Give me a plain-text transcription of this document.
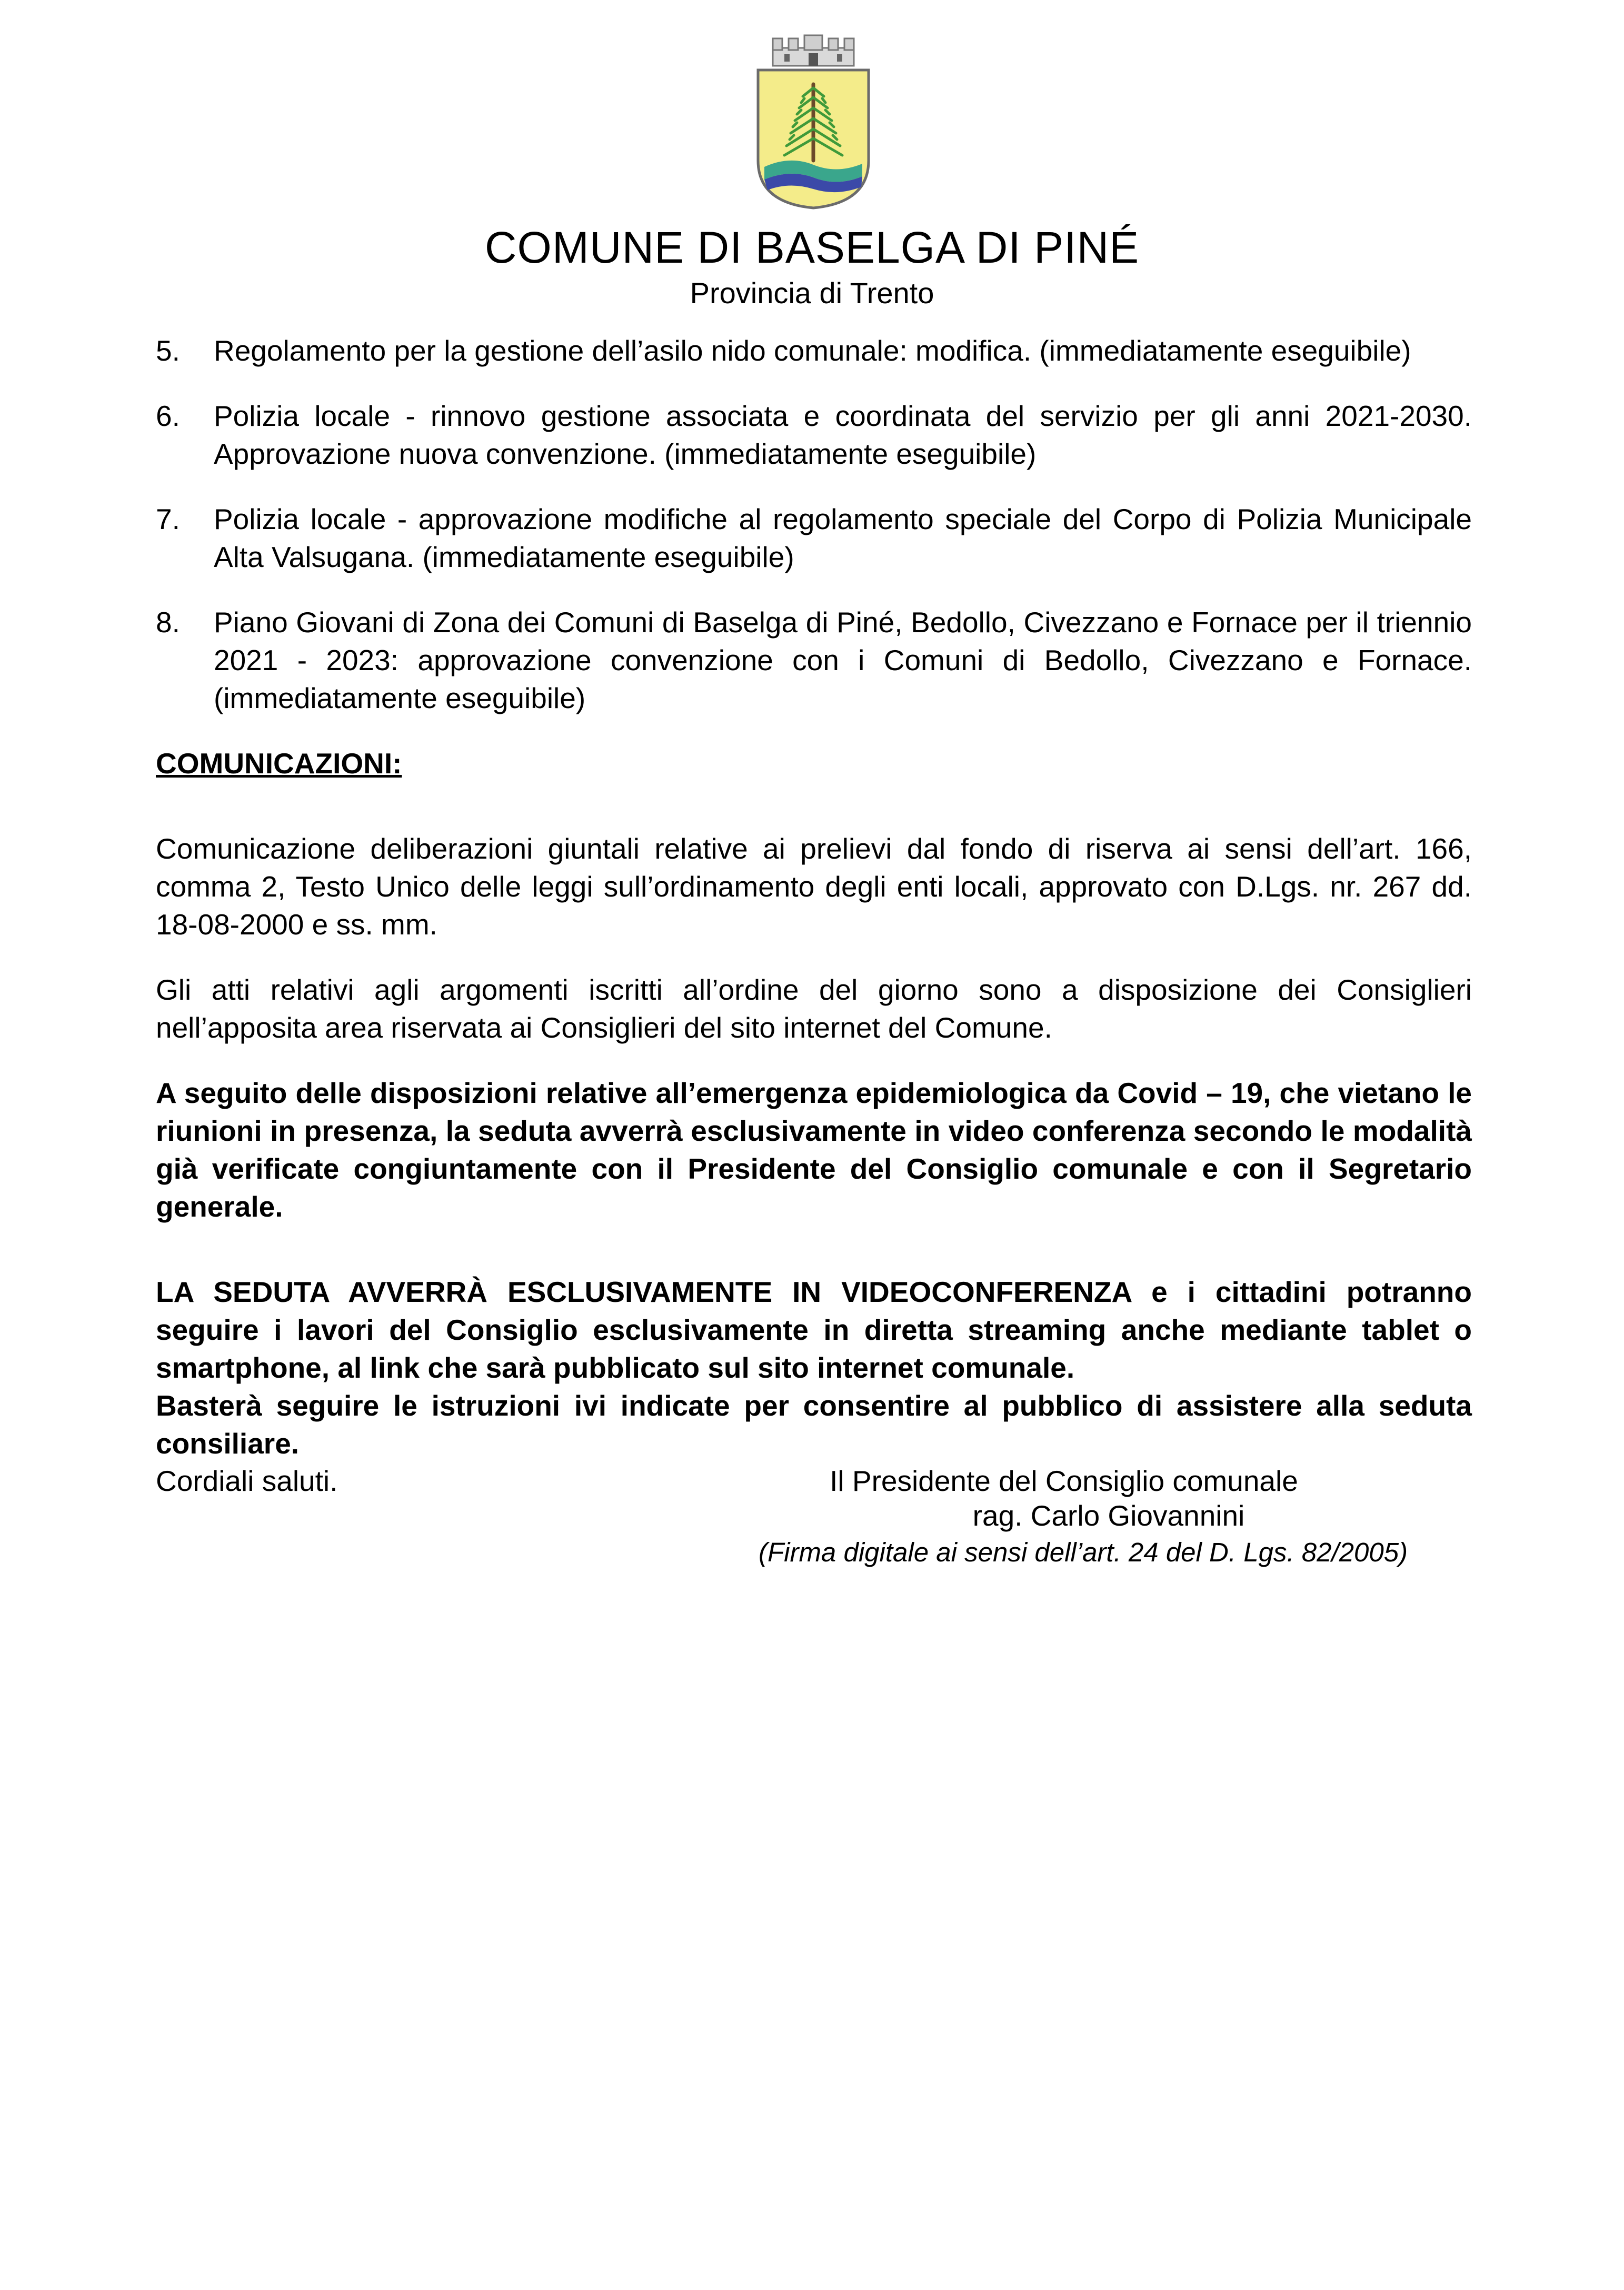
COMUNE DI BASELGA DI PINÉ
Provincia di Trento
5.	Regolamento per la gestione dell’asilo nido comunale: modifica. (immediatamente eseguibile)
6.	Polizia locale - rinnovo gestione associata e coordinata del servizio per gli anni 2021-2030. Approvazione nuova convenzione. (immediatamente eseguibile)
7.	Polizia locale - approvazione modifiche al regolamento speciale del Corpo di Polizia Municipale Alta Valsugana. (immediatamente eseguibile)
8.	Piano Giovani di Zona dei Comuni di Baselga di Piné, Bedollo, Civezzano e Fornace per il triennio 2021 - 2023: approvazione convenzione con i Comuni di Bedollo, Civezzano e Fornace. (immediatamente eseguibile)
COMUNICAZIONI:
Comunicazione deliberazioni giuntali relative ai prelievi dal fondo di riserva ai sensi dell’art. 166, comma 2, Testo Unico delle leggi sull’ordinamento degli enti locali, approvato con D.Lgs. nr. 267 dd. 18-08-2000 e ss. mm.
Gli atti relativi agli argomenti iscritti all’ordine del giorno sono a disposizione dei Consiglieri nell’apposita area riservata ai Consiglieri del sito internet del Comune.

A seguito delle disposizioni relative all’emergenza epidemiologica da Covid – 19, che vietano le riunioni in presenza, la seduta avverrà esclusivamente in video conferenza secondo le modalità già verificate congiuntamente con il Presidente del Consiglio comunale e con il Segretario generale.

LA SEDUTA AVVERRÀ ESCLUSIVAMENTE IN VIDEOCONFERENZA e i cittadini potranno seguire i lavori del Consiglio esclusivamente in diretta streaming anche mediante tablet o smartphone, al link che sarà pubblicato sul sito internet comunale.

Basterà seguire le istruzioni ivi indicate per consentire al pubblico di assistere alla seduta consiliare.

Cordiali saluti.	Il Presidente del Consiglio comunale
rag. Carlo Giovannini
(Firma digitale ai sensi dell’art. 24 del D. Lgs. 82/2005)
